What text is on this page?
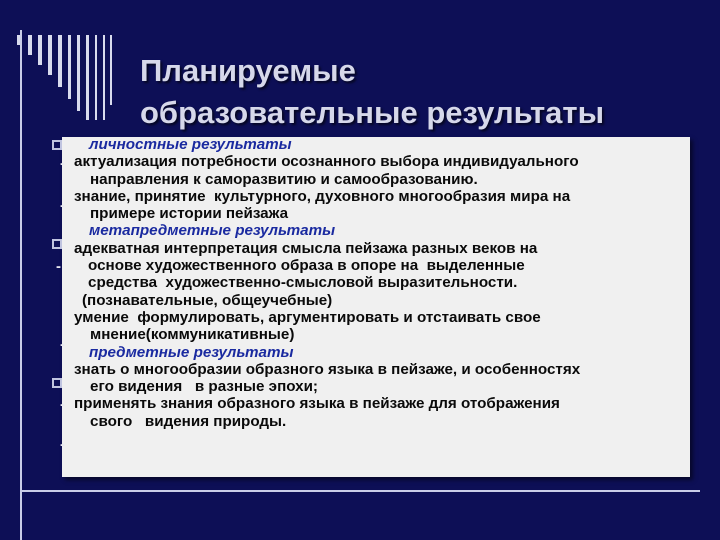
Планируемые
образовательные результаты
-
-
-
-
-
-
личностные результаты
актуализация потребности осознанного выбора индивидуального
направления к саморазвитию и самообразованию.
знание, принятие  культурного, духовного многообразия мира на
примере истории пейзажа
метапредметные результаты
адекватная интерпретация смысла пейзажа разных веков на
основе художественного образа в опоре на  выделенные
средства  художественно-смысловой выразительности.
(познавательные, общеучебные)
умение  формулировать, аргументировать и отстаивать свое
мнение(коммуникативные)
предметные результаты
знать о многообразии образного языка в пейзаже, и особенностях
его видения   в разные эпохи;
применять знания образного языка в пейзаже для отображения
свого   видения природы.
